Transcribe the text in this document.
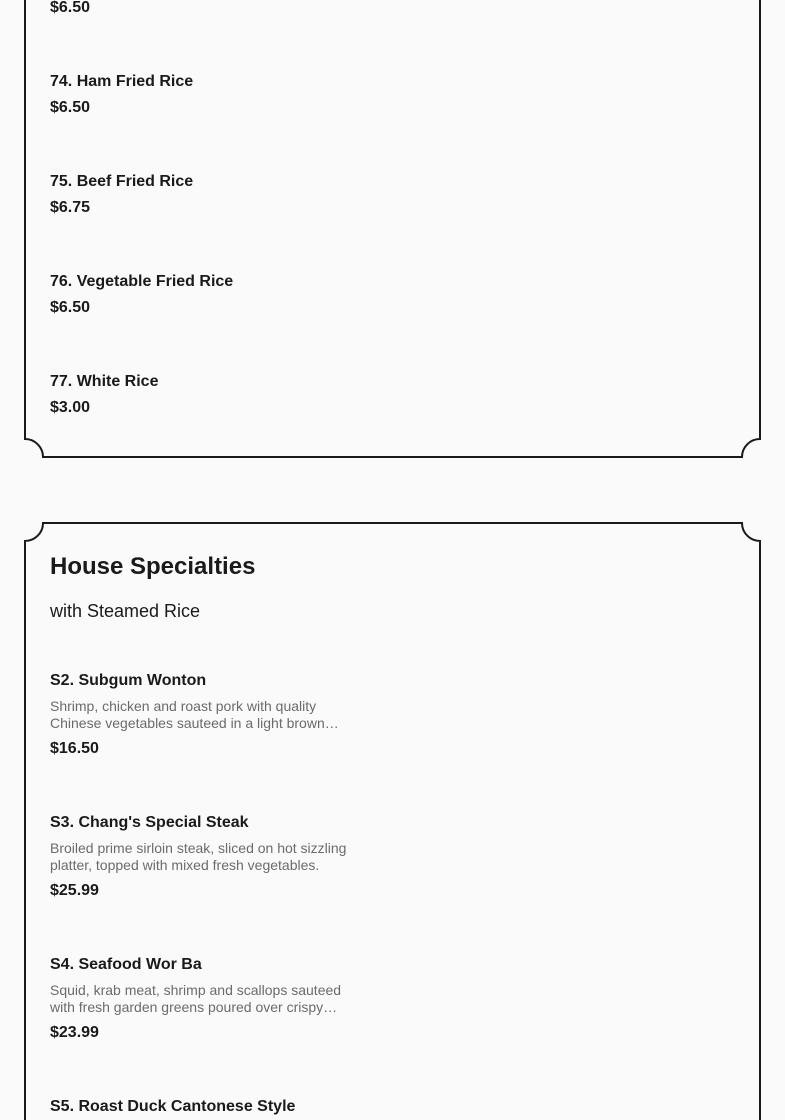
$6.50

74. Ham Fried Rice

$6.50

75. Beef Fried Rice

$6.75

76. Vegetable Fried Rice

$6.50

77. White Rice

$3.00

House Specialties

with Steamed Rice

S2. Subgum Wonton

Shrimp, chicken and roast pork with quality Chinese vegetables sauteed in a light brown

$16.50

S3. Chang's Special Steak

Broiled prime sirloin steak, sliced on hot sizzling platter, topped with mixed fresh vegetables.

$25.99

S4. Seafood Wor Ba

Squid, krab meat, shrimp and scallops sauteed with fresh garden greens poured over crispy

$23.99

S5. Roast Duck Cantonese Style
